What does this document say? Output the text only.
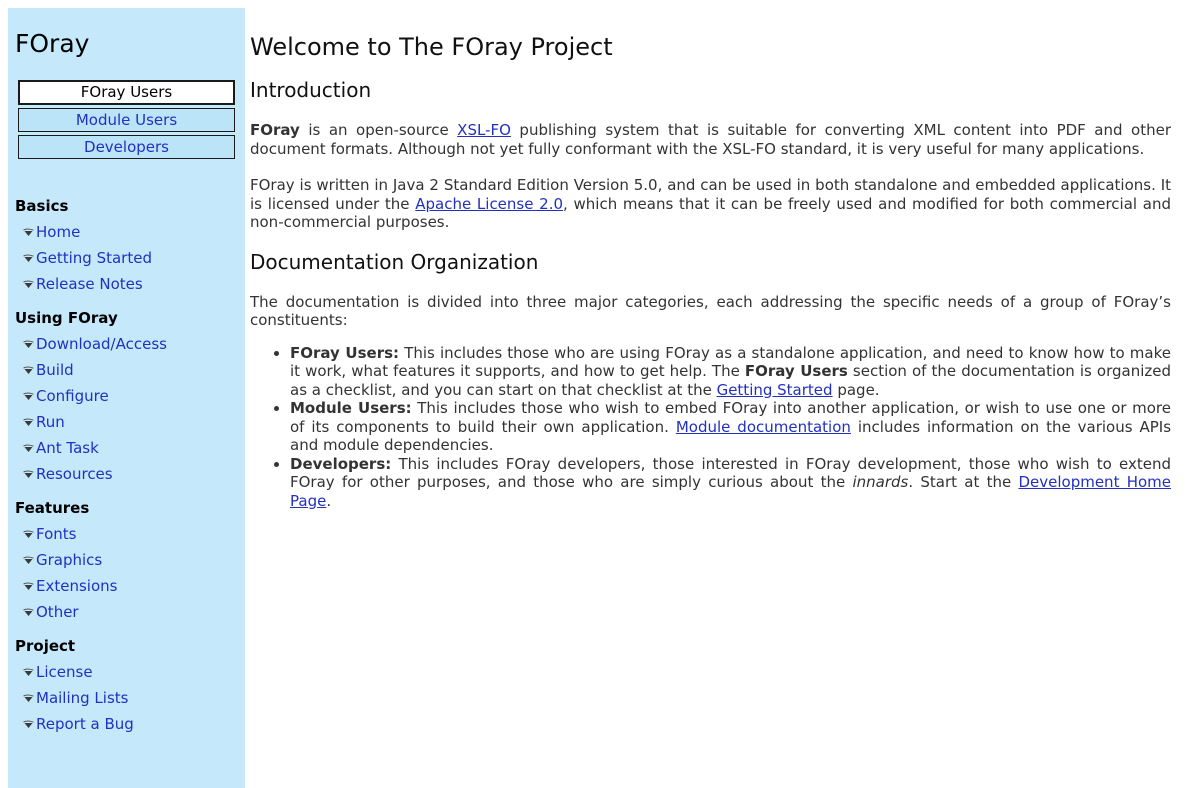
FOray
FOray Users
Module Users
Developers
Basics
Home
Getting Started
Release Notes
Using FOray
Download/Access
Build
Configure
Run
Ant Task
Resources
Features
Fonts
Graphics
Extensions
Other
Project
License
Mailing Lists
Report a Bug
Welcome to The FOray Project
Introduction

FOray is an open-source XSL-FO publishing system that is suitable for converting XML content into PDF and other document formats. Although not yet fully conformant with the XSL-FO standard, it is very useful for many applications.

FOray is written in Java 2 Standard Edition Version 5.0, and can be used in both standalone and embedded applications. It is licensed under the Apache License 2.0, which means that it can be freely used and modified for both commercial and non-commercial purposes.

Documentation Organization

The documentation is divided into three major categories, each addressing the specific needs of a group of FOray’s constituents:

• FOray Users: This includes those who are using FOray as a standalone application, and need to know how to make it work, what features it supports, and how to get help. The FOray Users section of the documentation is organized as a checklist, and you can start on that checklist at the Getting Started page.
• Module Users: This includes those who wish to embed FOray into another application, or wish to use one or more of its components to build their own application. Module documentation includes information on the various APIs and module dependencies.
• Developers: This includes FOray developers, those interested in FOray development, those who wish to extend FOray for other purposes, and those who are simply curious about the innards. Start at the Development Home Page.
